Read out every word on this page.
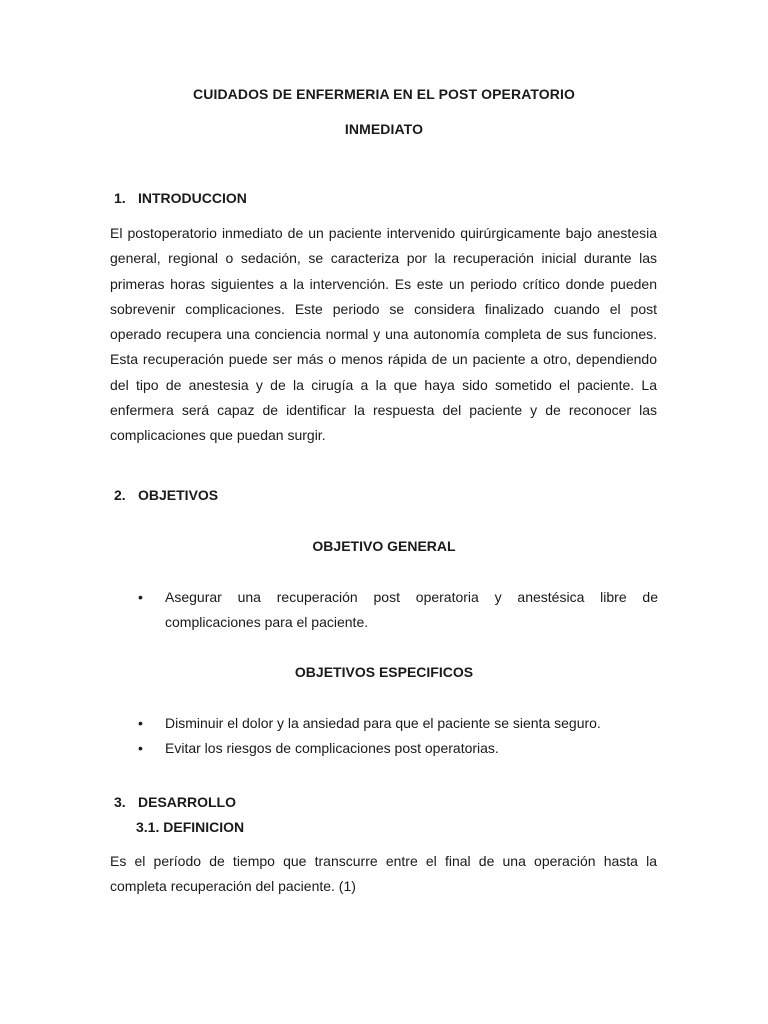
CUIDADOS DE ENFERMERIA EN EL POST OPERATORIO
INMEDIATO
1. INTRODUCCION

El postoperatorio inmediato de un paciente intervenido quirúrgicamente bajo anestesia general, regional o sedación, se caracteriza por la recuperación inicial durante las primeras horas siguientes a la intervención. Es este un periodo crítico donde pueden sobrevenir complicaciones. Este periodo se considera finalizado cuando el post operado recupera una conciencia normal y una autonomía completa de sus funciones. Esta recuperación puede ser más o menos rápida de un paciente a otro, dependiendo del tipo de anestesia y de la cirugía a la que haya sido sometido el paciente. La enfermera será capaz de identificar la respuesta del paciente y de reconocer las complicaciones que puedan surgir.

2. OBJETIVOS
OBJETIVO GENERAL
• Asegurar una recuperación post operatoria y anestésica libre de complicaciones para el paciente.
OBJETIVOS ESPECIFICOS
• Disminuir el dolor y la ansiedad para que el paciente se sienta seguro.
• Evitar los riesgos de complicaciones post operatorias.
3. DESARROLLO
3.1. DEFINICION

Es el período de tiempo que transcurre entre el final de una operación hasta la completa recuperación del paciente. (1)
